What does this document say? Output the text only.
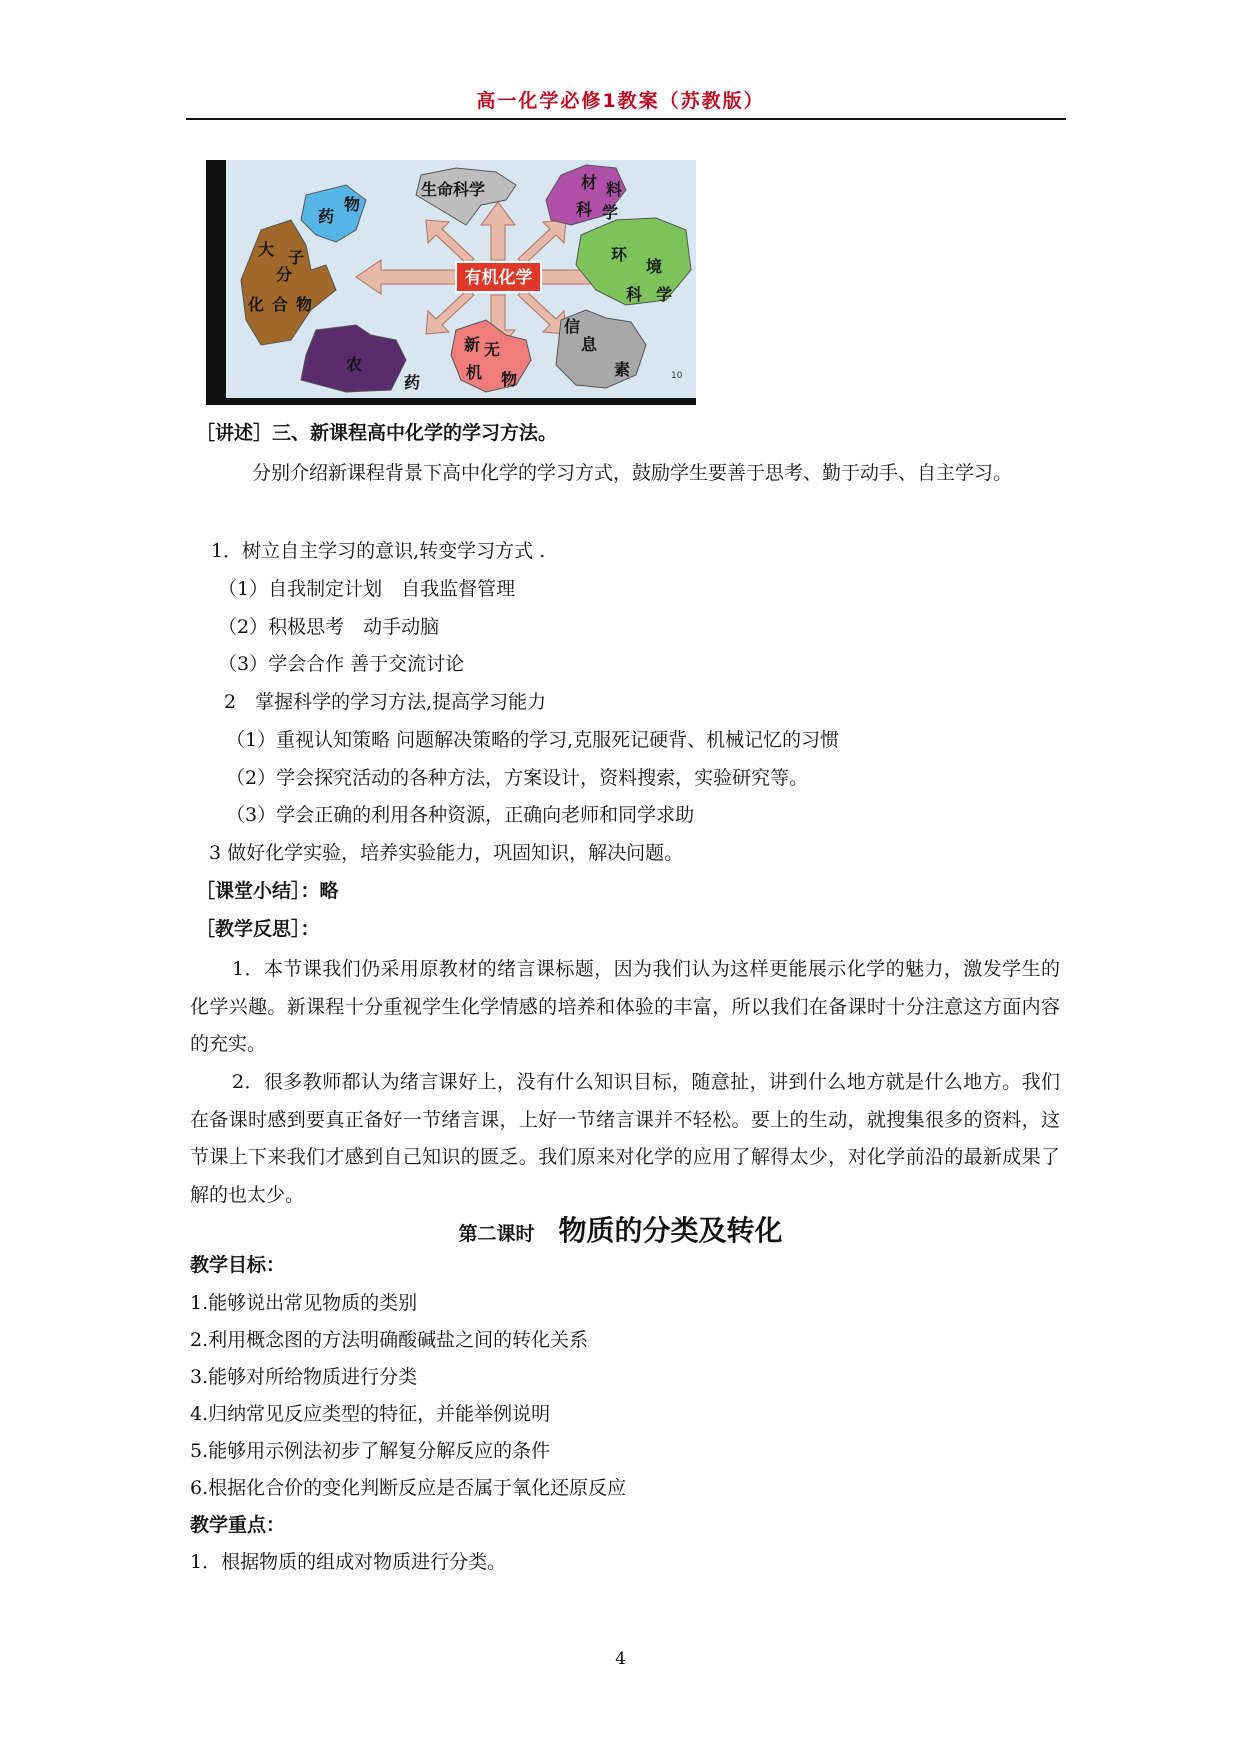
高一化学必修1教案（苏教版）
有机化学
药
物
生命科学	材 料
科 学
大
分
子
化 合 物
环
境
科 学
农
药
新 无
机 物
信
息
素	10
［讲述］三、新课程高中化学的学习方法。
分别介绍新课程背景下高中化学的学习方式，鼓励学生要善于思考、勤于动手、自主学习。
1．树立自主学习的意识,转变学习方式 .
（1）自我制定计划　自我监督管理
（2）积极思考　动手动脑
（3）学会合作 善于交流讨论
2　掌握科学的学习方法,提高学习能力
（1）重视认知策略 问题解决策略的学习,克服死记硬背、机械记忆的习惯
（2）学会探究活动的各种方法，方案设计，资料搜索，实验研究等。
（3）学会正确的利用各种资源，正确向老师和同学求助
3 做好化学实验，培养实验能力，巩固知识，解决问题。
［课堂小结］：略
［教学反思］：
1．本节课我们仍采用原教材的绪言课标题，因为我们认为这样更能展示化学的魅力，激发学生的化学兴趣。新课程十分重视学生化学情感的培养和体验的丰富，所以我们在备课时十分注意这方面内容的充实。
2．很多教师都认为绪言课好上，没有什么知识目标，随意扯，讲到什么地方就是什么地方。我们在备课时感到要真正备好一节绪言课，上好一节绪言课并不轻松。要上的生动，就搜集很多的资料，这节课上下来我们才感到自己知识的匮乏。我们原来对化学的应用了解得太少，对化学前沿的最新成果了解的也太少。
第二课时 物质的分类及转化
教学目标：
1.能够说出常见物质的类别
2.利用概念图的方法明确酸碱盐之间的转化关系
3.能够对所给物质进行分类
4.归纳常见反应类型的特征，并能举例说明
5.能够用示例法初步了解复分解反应的条件
6.根据化合价的变化判断反应是否属于氧化还原反应
教学重点：
1．根据物质的组成对物质进行分类。
4
